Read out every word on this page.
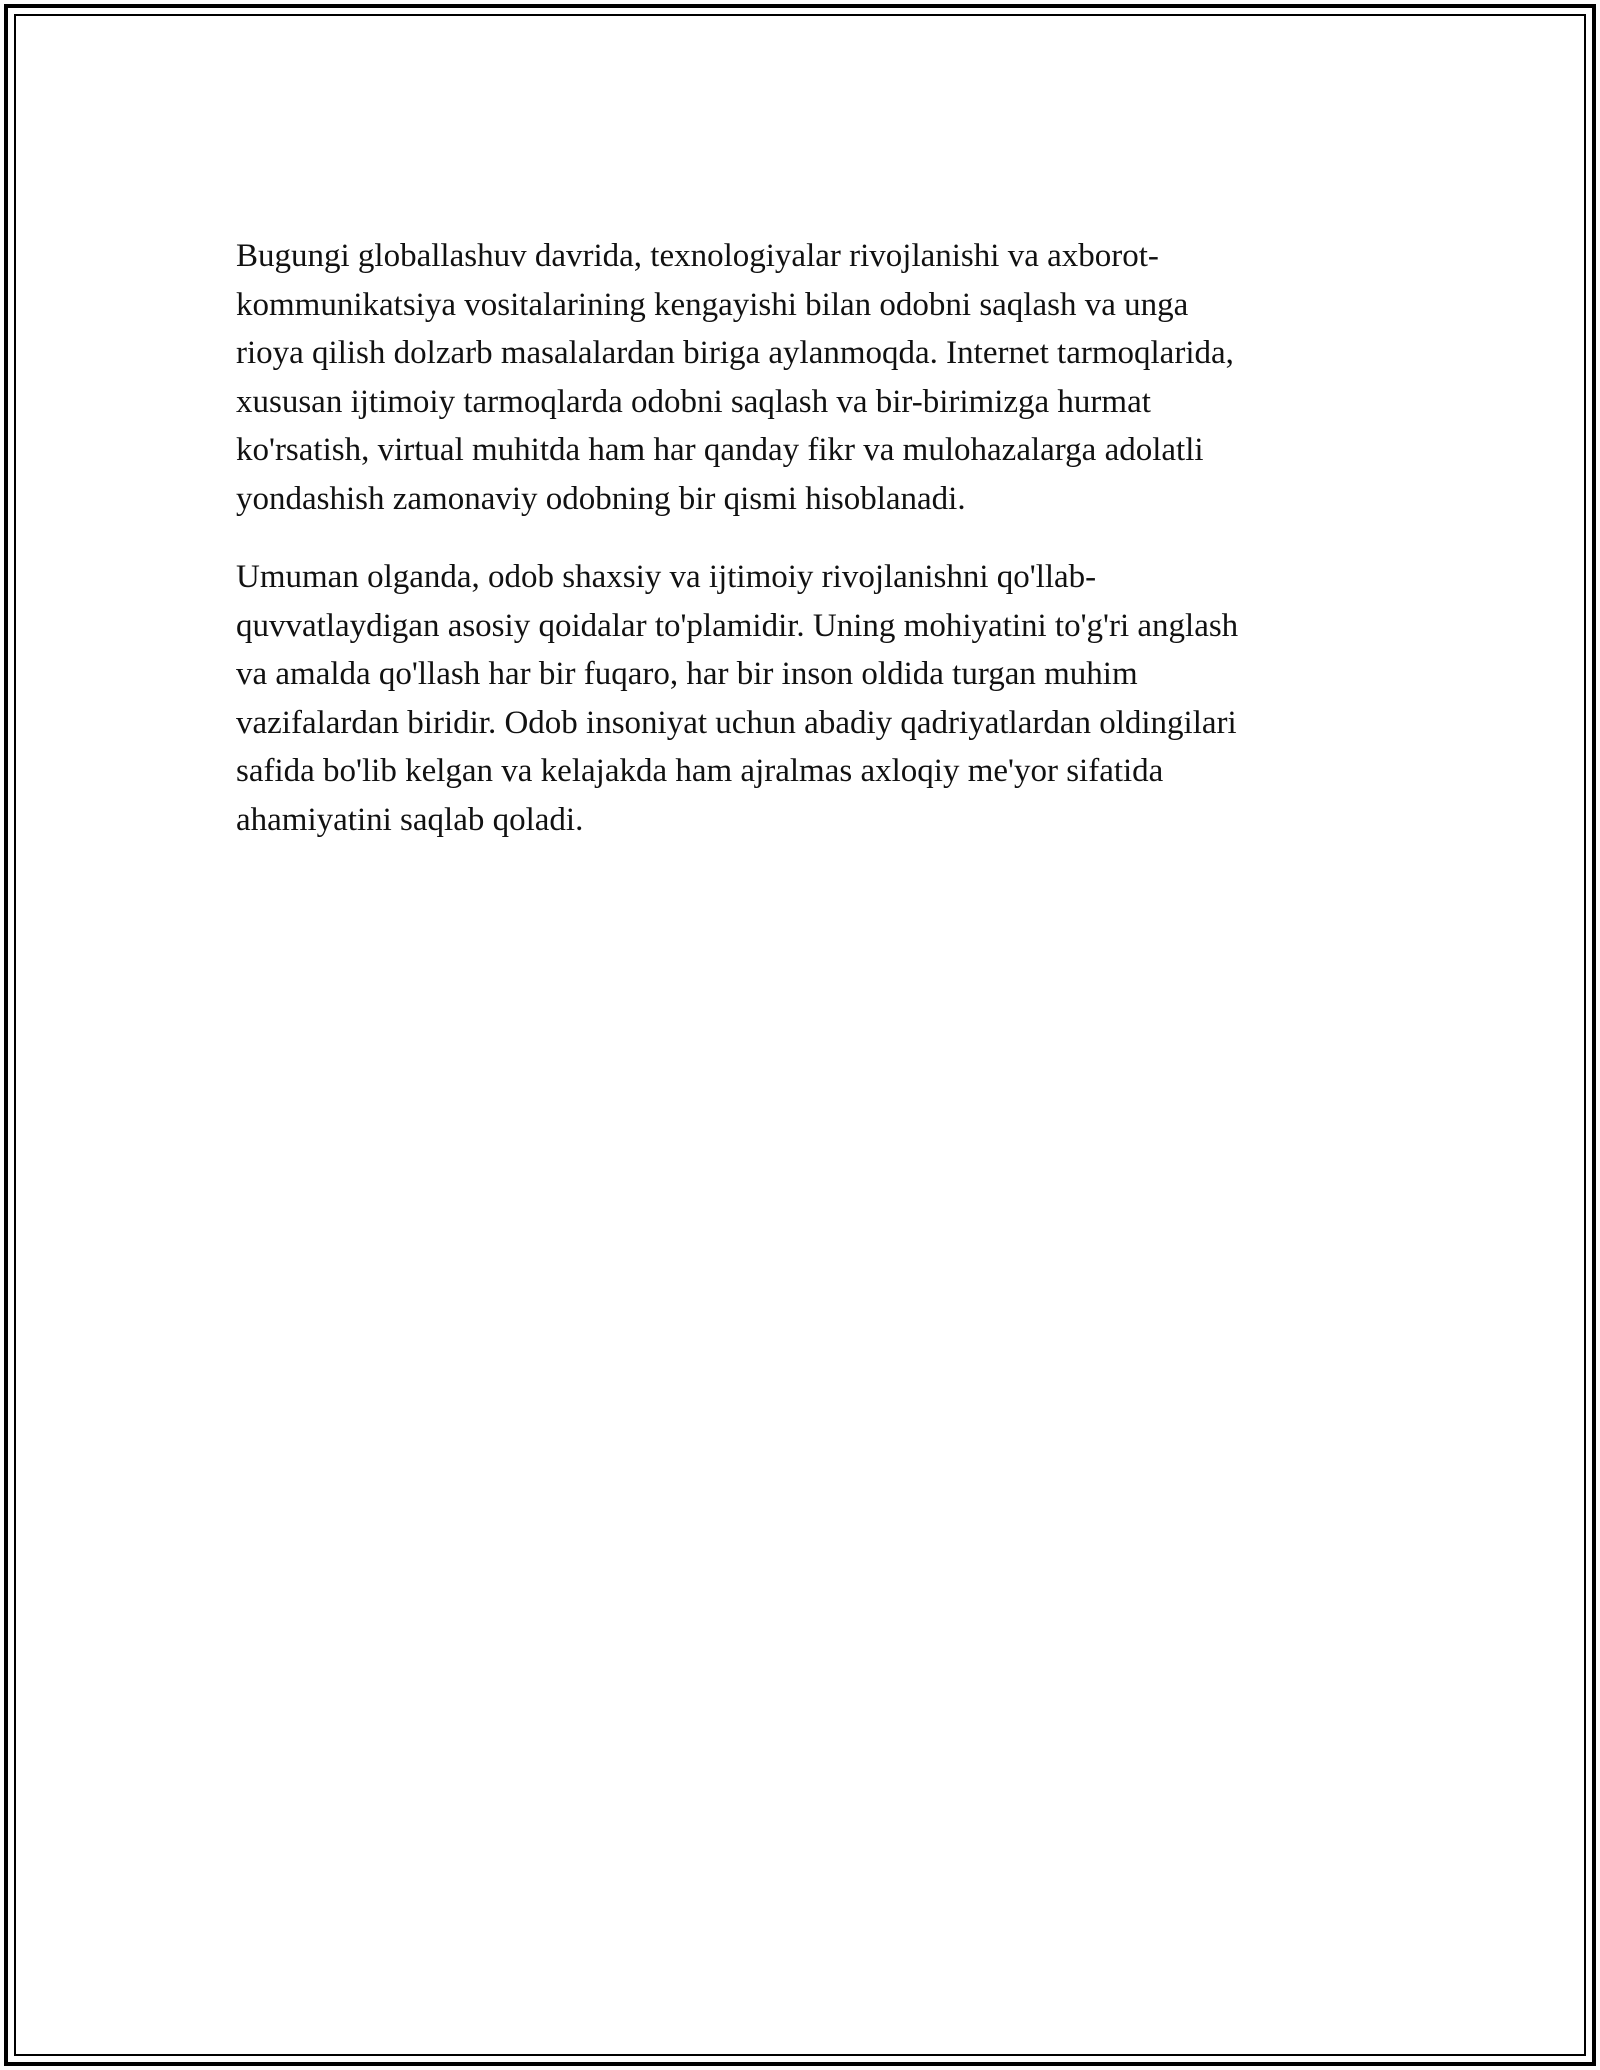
Bugungi globallashuv davrida, texnologiyalar rivojlanishi va axborot-
kommunikatsiya vositalarining kengayishi bilan odobni saqlash va unga
rioya qilish dolzarb masalalardan biriga aylanmoqda. Internet tarmoqlarida,
xususan ijtimoiy tarmoqlarda odobni saqlash va bir-birimizga hurmat
ko'rsatish, virtual muhitda ham har qanday fikr va mulohazalarga adolatli
yondashish zamonaviy odobning bir qismi hisoblanadi.

Umuman olganda, odob shaxsiy va ijtimoiy rivojlanishni qo'llab-
quvvatlaydigan asosiy qoidalar to'plamidir. Uning mohiyatini to'g'ri anglash
va amalda qo'llash har bir fuqaro, har bir inson oldida turgan muhim
vazifalardan biridir. Odob insoniyat uchun abadiy qadriyatlardan oldingilari
safida bo'lib kelgan va kelajakda ham ajralmas axloqiy me'yor sifatida
ahamiyatini saqlab qoladi.
